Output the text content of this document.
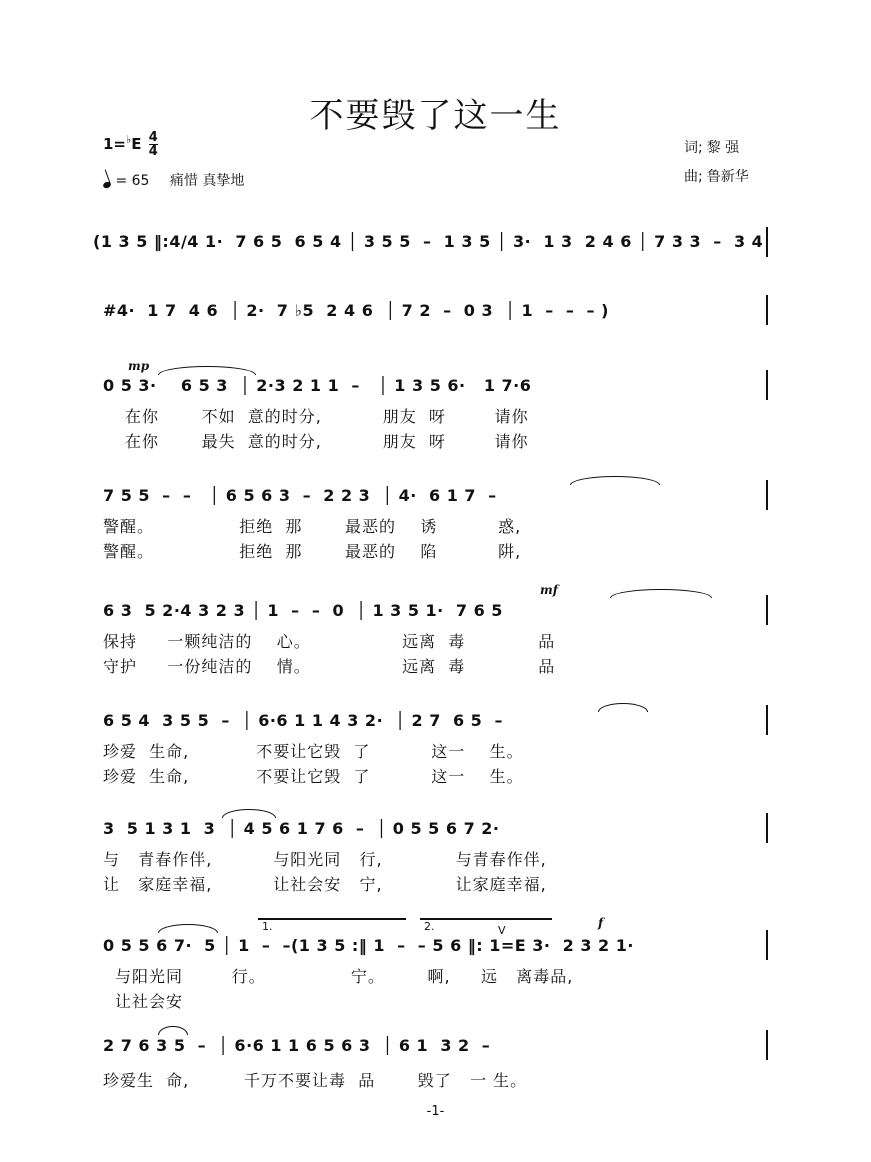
不要毁了这一生
$1=^♭E \frac{4}{4}$
= 65 痛惜 真挚地
词; 黎 强
曲; 鲁新华
(1 3 5 ‖:4/4 1·  7 6 5  6 5 4 │ 3 5 5  –  1 3 5 │ 3·  1 3  2 4 6 │ 7 3 3  –  3 4
#4·  1 7  4 6  │ 2·  7 ♭5  2 4 6  │ 7 2  –  0 3  │ 1  –  –  – )
mp
0 5 3·    6 5 3  │ 2·3 2 1 1  –   │ 1 3 5 6·   1 7·6
在你       不如  意的时分,          朋友  呀        请你
在你       最失  意的时分,          朋友  呀        请你
7 5 5  –  –   │ 6 5 6 3  –  2 2 3  │ 4·  6 1 7  –
警醒。              拒绝  那       最恶的    诱          惑,
警醒。              拒绝  那       最恶的    陷          阱,
mf
6 3  5 2·4 3 2 3 │ 1  –  –  0  │ 1 3 5 1·  7 6 5
保持     一颗纯洁的    心。               远离  毒            品
守护     一份纯洁的    情。               远离  毒            品
6 5 4  3 5 5  –  │ 6·6 1 1 4 3 2·  │ 2 7  6 5  –
珍爱  生命,           不要让它毁  了          这一    生。
珍爱  生命,           不要让它毁  了          这一    生。
3  5 1 3 1  3  │ 4 5 6 1 7 6  –  │ 0 5 5 6 7 2·
与   青春作伴,          与阳光同   行,            与青春作伴,
让   家庭幸福,          让社会安   宁,            让家庭幸福,
1.	2.	V
f
0 5 5 6 7·  5 │ 1  –  –(1 3 5 :‖ 1  –  – 5 6 ‖: 1=E 3·  2 3 2 1·
与阳光同        行。              宁。       啊,     远   离毒品,
让社会安
2 7 6 3 5  –  │ 6·6 1 1 6 5 6 3  │ 6 1  3 2  –
珍爱生  命,         千万不要让毒  品       毁了   一 生。
-1-
